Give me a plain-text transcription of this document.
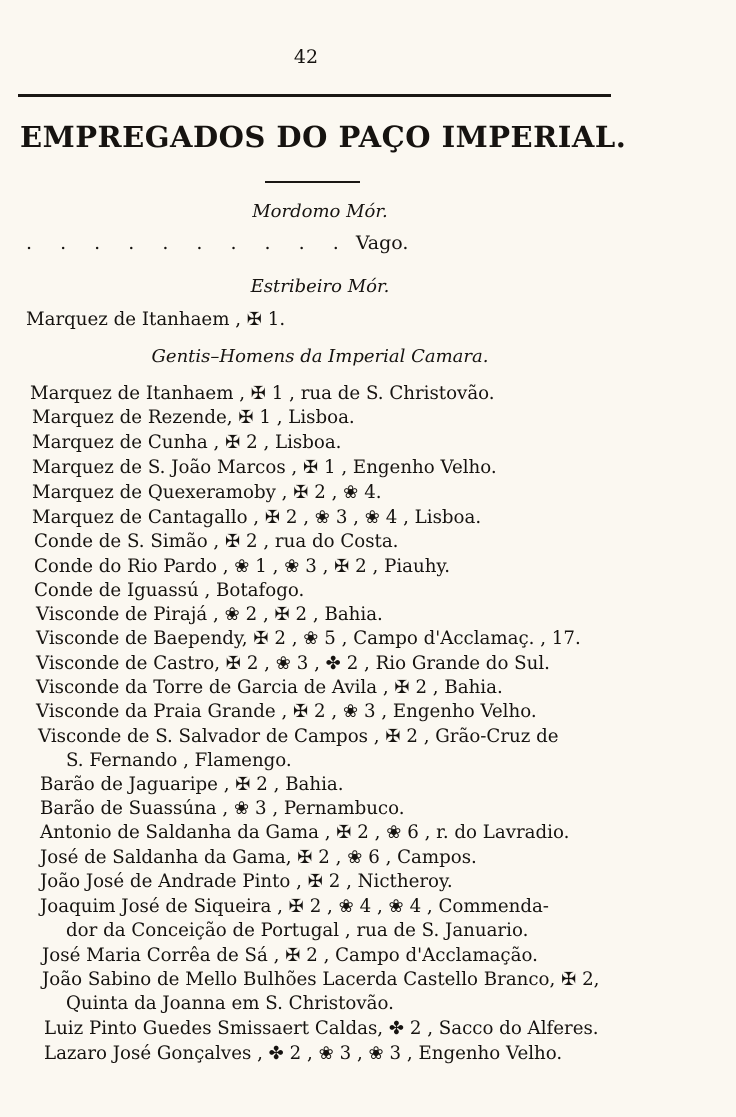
42
EMPREGADOS DO PAÇO IMPERIAL.
Mordomo Mór.
. . . . . . . . . . Vago.
Estribeiro Mór.
Marquez de Itanhaem , ✠ 1.
Gentis–Homens da Imperial Camara.
Marquez de Itanhaem , ✠ 1 , rua de S. Christovão.
Marquez de Rezende, ✠ 1 , Lisboa.
Marquez de Cunha , ✠ 2 , Lisboa.
Marquez de S. João Marcos , ✠ 1 , Engenho Velho.
Marquez de Quexeramoby , ✠ 2 , ❀ 4.
Marquez de Cantagallo , ✠ 2 , ❀ 3 , ❀ 4 , Lisboa.
Conde de S. Simão , ✠ 2 , rua do Costa.
Conde do Rio Pardo , ❀ 1 , ❀ 3 , ✠ 2 , Piauhy.
Conde de Iguassú , Botafogo.
Visconde de Pirajá , ❀ 2 , ✠ 2 , Bahia.
Visconde de Baependy, ✠ 2 , ❀ 5 , Campo d'Acclamaç. , 17.
Visconde de Castro, ✠ 2 , ❀ 3 , ✤ 2 , Rio Grande do Sul.
Visconde da Torre de Garcia de Avila , ✠ 2 , Bahia.
Visconde da Praia Grande , ✠ 2 , ❀ 3 , Engenho Velho.
Visconde de S. Salvador de Campos , ✠ 2 , Grão-Cruz de
S. Fernando , Flamengo.
Barão de Jaguaripe , ✠ 2 , Bahia.
Barão de Suassúna , ❀ 3 , Pernambuco.
Antonio de Saldanha da Gama , ✠ 2 , ❀ 6 , r. do Lavradio.
José de Saldanha da Gama, ✠ 2 , ❀ 6 , Campos.
João José de Andrade Pinto , ✠ 2 , Nictheroy.
Joaquim José de Siqueira , ✠ 2 , ❀ 4 , ❀ 4 , Commenda-
dor da Conceição de Portugal , rua de S. Januario.
José Maria Corrêa de Sá , ✠ 2 , Campo d'Acclamação.
João Sabino de Mello Bulhões Lacerda Castello Branco, ✠ 2,
Quinta da Joanna em S. Christovão.
Luiz Pinto Guedes Smissaert Caldas, ✤ 2 , Sacco do Alferes.
Lazaro José Gonçalves , ✤ 2 , ❀ 3 , ❀ 3 , Engenho Velho.
